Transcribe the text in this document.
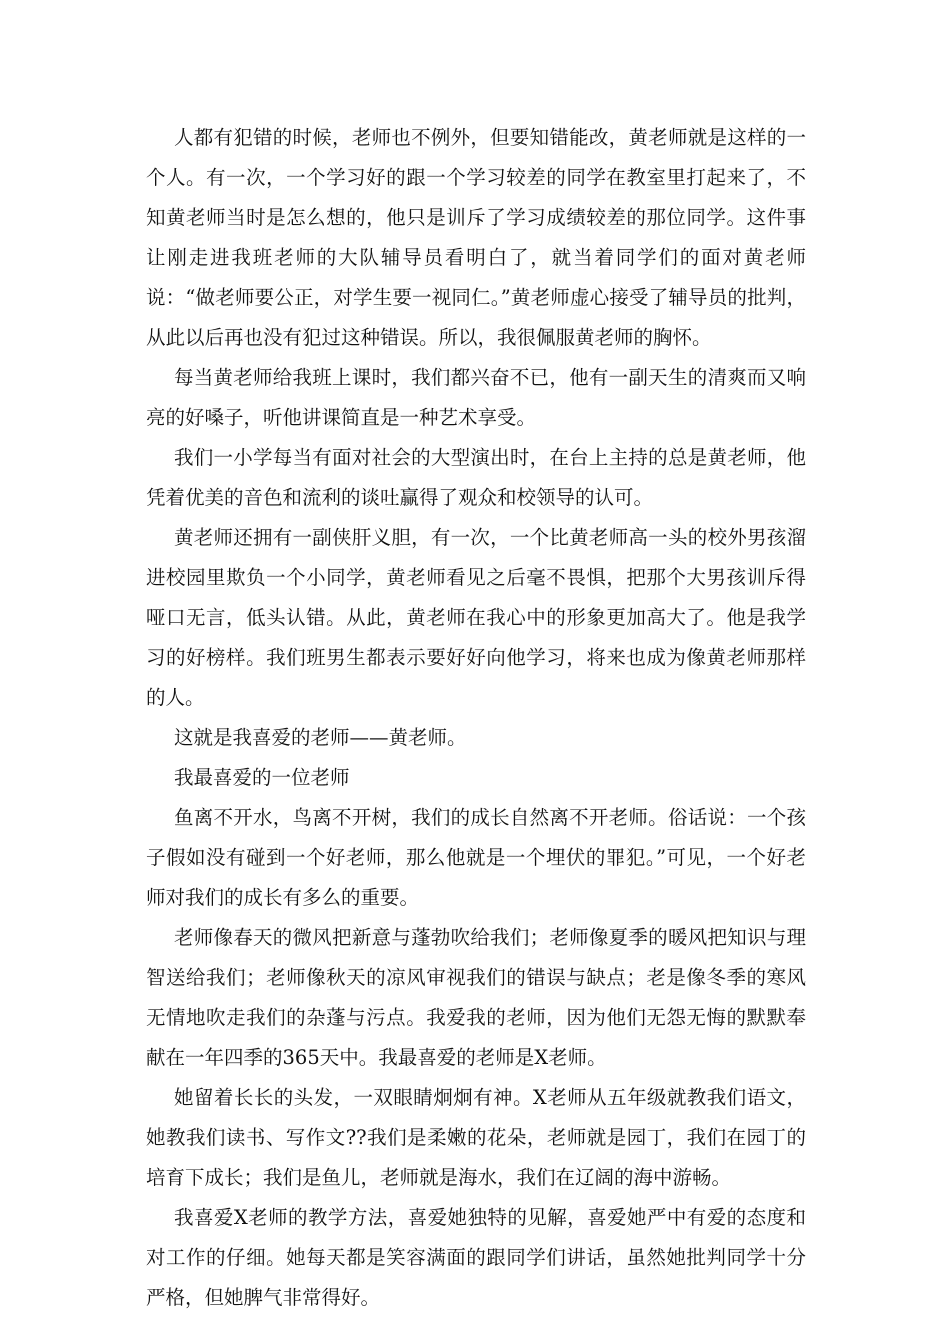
人都有犯错的时候，老师也不例外，但要知错能改，黄老师就是这样的一个人。有一次，一个学习好的跟一个学习较差的同学在教室里打起来了，不知黄老师当时是怎么想的，他只是训斥了学习成绩较差的那位同学。这件事让刚走进我班老师的大队辅导员看明白了，就当着同学们的面对黄老师说：“做老师要公正，对学生要一视同仁。”黄老师虚心接受了辅导员的批判，从此以后再也没有犯过这种错误。所以，我很佩服黄老师的胸怀。

每当黄老师给我班上课时，我们都兴奋不已，他有一副天生的清爽而又响亮的好嗓子，听他讲课简直是一种艺术享受。

我们一小学每当有面对社会的大型演出时，在台上主持的总是黄老师，他凭着优美的音色和流利的谈吐赢得了观众和校领导的认可。

黄老师还拥有一副侠肝义胆，有一次，一个比黄老师高一头的校外男孩溜进校园里欺负一个小同学，黄老师看见之后毫不畏惧，把那个大男孩训斥得哑口无言，低头认错。从此，黄老师在我心中的形象更加高大了。他是我学习的好榜样。我们班男生都表示要好好向他学习，将来也成为像黄老师那样的人。

这就是我喜爱的老师——黄老师。

我最喜爱的一位老师

鱼离不开水，鸟离不开树，我们的成长自然离不开老师。俗话说：一个孩子假如没有碰到一个好老师，那么他就是一个埋伏的罪犯。”可见，一个好老师对我们的成长有多么的重要。

老师像春天的微风把新意与蓬勃吹给我们；老师像夏季的暖风把知识与理智送给我们；老师像秋天的凉风审视我们的错误与缺点；老是像冬季的寒风无情地吹走我们的杂蓬与污点。我爱我的老师，因为他们无怨无悔的默默奉献在一年四季的365天中。我最喜爱的老师是X老师。

她留着长长的头发，一双眼睛炯炯有神。X老师从五年级就教我们语文，她教我们读书、写作文??我们是柔嫩的花朵，老师就是园丁，我们在园丁的培育下成长；我们是鱼儿，老师就是海水，我们在辽阔的海中游畅。

我喜爱X老师的教学方法，喜爱她独特的见解，喜爱她严中有爱的态度和对工作的仔细。她每天都是笑容满面的跟同学们讲话，虽然她批判同学十分严格，但她脾气非常得好。
